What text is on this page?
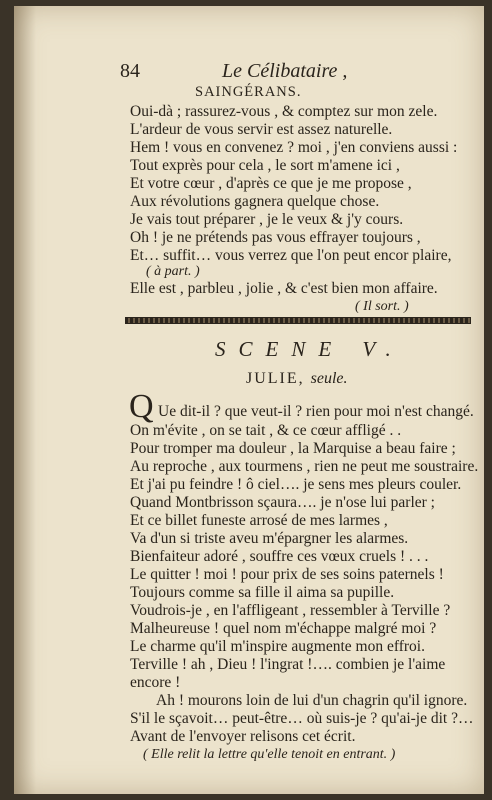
84	Le Célibataire ,
SAINGÉRANS.
Oui-dà ; rassurez-vous , & comptez sur mon zele.
L'ardeur de vous servir est assez naturelle.
Hem ! vous en convenez ? moi , j'en conviens aussi :
Tout exprès pour cela , le sort m'amene ici ,
Et votre cœur , d'après ce que je me propose ,
Aux révolutions gagnera quelque chose.
Je vais tout préparer , je le veux & j'y cours.
Oh ! je ne prétends pas vous effrayer toujours ,
Et… suffit… vous verrez que l'on peut encor plaire,
( à part. )
Elle est , parbleu , jolie , & c'est bien mon affaire.
( Il sort. )
SCENE V.
JULIE, seule.
Q Ue dit-il ? que veut-il ? rien pour moi n'est changé.
On m'évite , on se tait , & ce cœur affligé . .
Pour tromper ma douleur , la Marquise a beau faire ;
Au reproche , aux tourmens , rien ne peut me soustraire.
Et j'ai pu feindre ! ô ciel…. je sens mes pleurs couler.
Quand Montbrisson sçaura…. je n'ose lui parler ;
Et ce billet funeste arrosé de mes larmes ,
Va d'un si triste aveu m'épargner les alarmes.
Bienfaiteur adoré , souffre ces vœux cruels ! . . .
Le quitter ! moi ! pour prix de ses soins paternels !
Toujours comme sa fille il aima sa pupille.
Voudrois-je , en l'affligeant , ressembler à Terville ?
Malheureuse ! quel nom m'échappe malgré moi ?
Le charme qu'il m'inspire augmente mon effroi.
Terville ! ah , Dieu ! l'ingrat !…. combien je l'aime
encore !
Ah ! mourons loin de lui d'un chagrin qu'il ignore.
S'il le sçavoit… peut-être… où suis-je ? qu'ai-je dit ?…
Avant de l'envoyer relisons cet écrit.
( Elle relit la lettre qu'elle tenoit en entrant. )
